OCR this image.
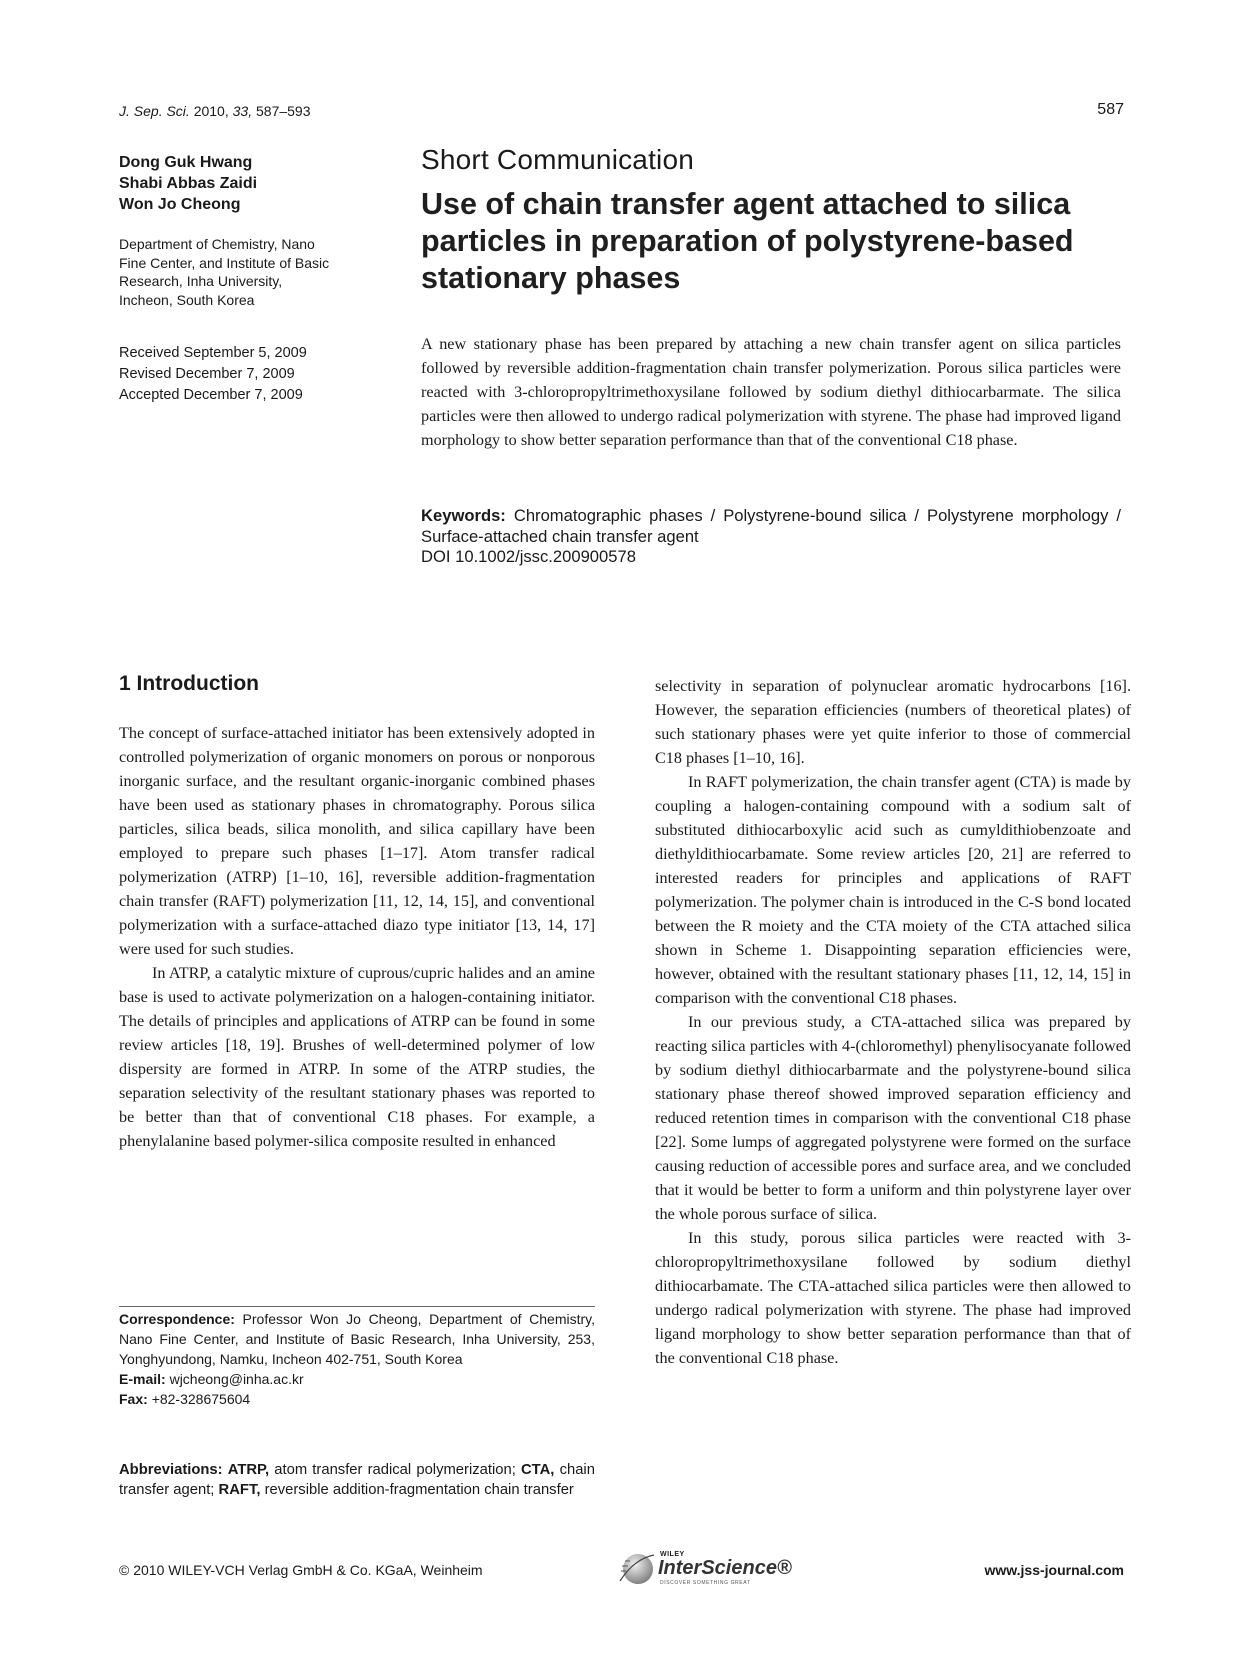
J. Sep. Sci. 2010, 33, 587–593	587
Dong Guk Hwang
Shabi Abbas Zaidi
Won Jo Cheong
Department of Chemistry, Nano
Fine Center, and Institute of Basic
Research, Inha University,
Incheon, South Korea
Received September 5, 2009
Revised December 7, 2009
Accepted December 7, 2009
Short Communication
Use of chain transfer agent attached to silica particles in preparation of polystyrene-based stationary phases
A new stationary phase has been prepared by attaching a new chain transfer agent on silica particles followed by reversible addition-fragmentation chain transfer polymerization. Porous silica particles were reacted with 3-chloropropyltrimethoxysilane followed by sodium diethyl dithiocarbarmate. The silica particles were then allowed to undergo radical polymerization with styrene. The phase had improved ligand morphology to show better separation performance than that of the conventional C18 phase.
Keywords: Chromatographic phases / Polystyrene-bound silica / Polystyrene morphology / Surface-attached chain transfer agent
DOI 10.1002/jssc.200900578
1 Introduction

The concept of surface-attached initiator has been extensively adopted in controlled polymerization of organic monomers on porous or nonporous inorganic surface, and the resultant organic-inorganic combined phases have been used as stationary phases in chromatography. Porous silica particles, silica beads, silica monolith, and silica capillary have been employed to prepare such phases [1–17]. Atom transfer radical polymerization (ATRP) [1–10, 16], reversible addition-fragmentation chain transfer (RAFT) polymerization [11, 12, 14, 15], and conventional polymerization with a surface-attached diazo type initiator [13, 14, 17] were used for such studies.

In ATRP, a catalytic mixture of cuprous/cupric halides and an amine base is used to activate polymerization on a halogen-containing initiator. The details of principles and applications of ATRP can be found in some review articles [18, 19]. Brushes of well-determined polymer of low dispersity are formed in ATRP. In some of the ATRP studies, the separation selectivity of the resultant stationary phases was reported to be better than that of conventional C18 phases. For example, a phenylalanine based polymer-silica composite resulted in enhanced

selectivity in separation of polynuclear aromatic hydrocarbons [16]. However, the separation efficiencies (numbers of theoretical plates) of such stationary phases were yet quite inferior to those of commercial C18 phases [1–10, 16].

In RAFT polymerization, the chain transfer agent (CTA) is made by coupling a halogen-containing compound with a sodium salt of substituted dithiocarboxylic acid such as cumyldithiobenzoate and diethyldithiocarbamate. Some review articles [20, 21] are referred to interested readers for principles and applications of RAFT polymerization. The polymer chain is introduced in the C-S bond located between the R moiety and the CTA moiety of the CTA attached silica shown in Scheme 1. Disappointing separation efficiencies were, however, obtained with the resultant stationary phases [11, 12, 14, 15] in comparison with the conventional C18 phases.

In our previous study, a CTA-attached silica was prepared by reacting silica particles with 4-(chloromethyl) phenylisocyanate followed by sodium diethyl dithiocarbarmate and the polystyrene-bound silica stationary phase thereof showed improved separation efficiency and reduced retention times in comparison with the conventional C18 phase [22]. Some lumps of aggregated polystyrene were formed on the surface causing reduction of accessible pores and surface area, and we concluded that it would be better to form a uniform and thin polystyrene layer over the whole porous surface of silica.

In this study, porous silica particles were reacted with 3-chloropropyltrimethoxysilane followed by sodium diethyl dithiocarbamate. The CTA-attached silica particles were then allowed to undergo radical polymerization with styrene. The phase had improved ligand morphology to show better separation performance than that of the conventional C18 phase.

Correspondence: Professor Won Jo Cheong, Department of Chemistry, Nano Fine Center, and Institute of Basic Research, Inha University, 253, Yonghyundong, Namku, Incheon 402-751, South Korea
E-mail: wjcheong@inha.ac.kr
Fax: +82-328675604
Abbreviations: ATRP, atom transfer radical polymerization; CTA, chain transfer agent; RAFT, reversible addition-fragmentation chain transfer
© 2010 WILEY-VCH Verlag GmbH & Co. KGaA, Weinheim
WILEY
InterScience®
DISCOVER SOMETHING GREAT
www.jss-journal.com
